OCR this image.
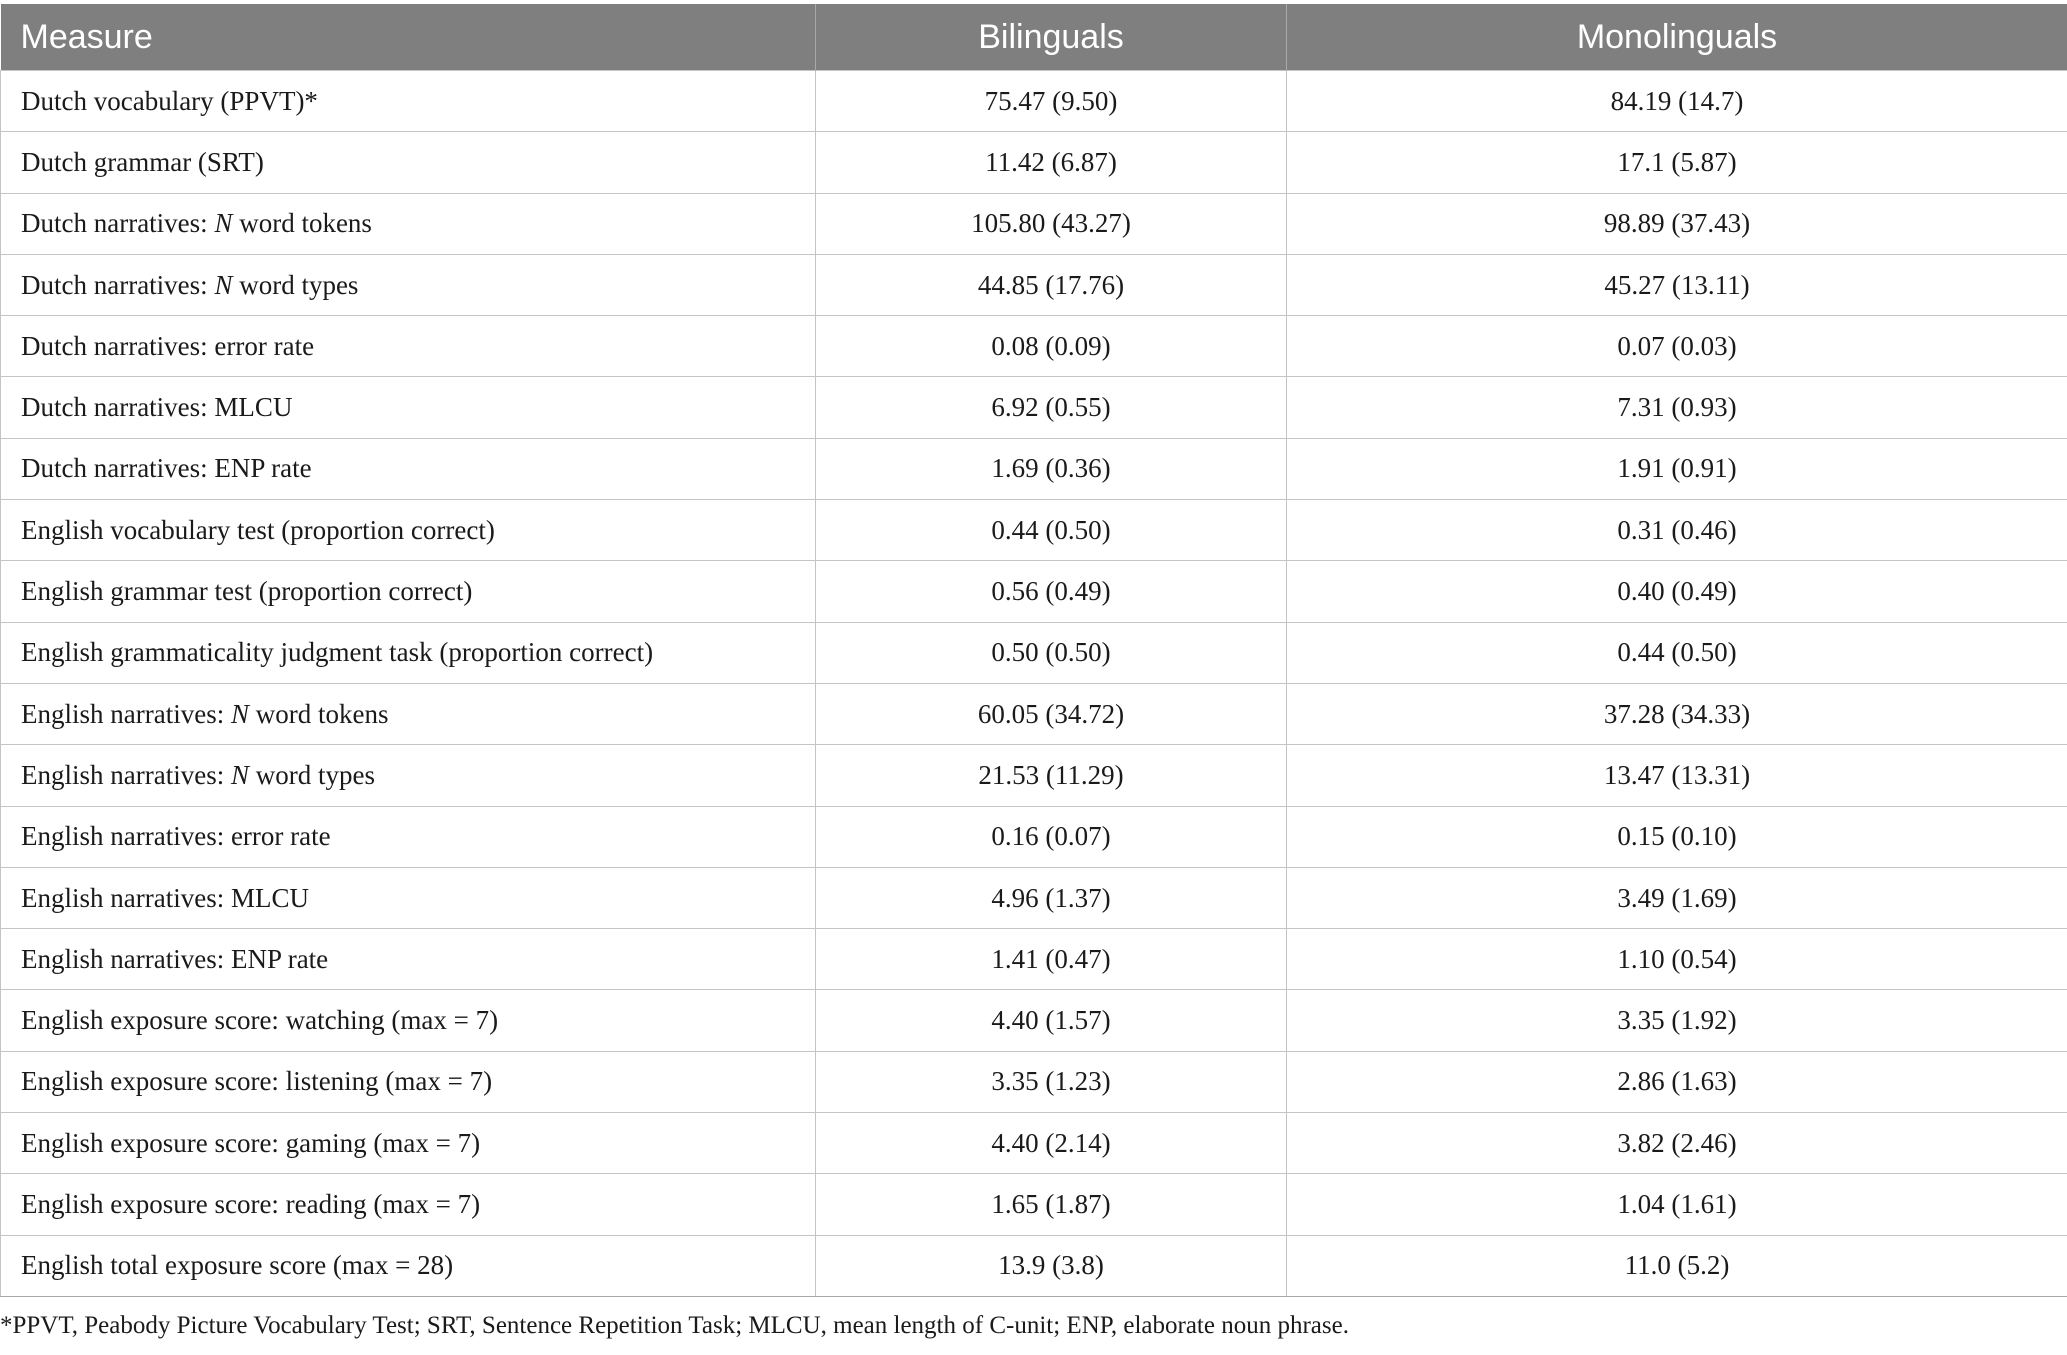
Measure	Bilinguals	Monolinguals
Dutch vocabulary (PPVT)*	75.47 (9.50)	84.19 (14.7)
Dutch grammar (SRT)	11.42 (6.87)	17.1 (5.87)
Dutch narratives: N word tokens	105.80 (43.27)	98.89 (37.43)
Dutch narratives: N word types	44.85 (17.76)	45.27 (13.11)
Dutch narratives: error rate	0.08 (0.09)	0.07 (0.03)
Dutch narratives: MLCU	6.92 (0.55)	7.31 (0.93)
Dutch narratives: ENP rate	1.69 (0.36)	1.91 (0.91)
English vocabulary test (proportion correct)	0.44 (0.50)	0.31 (0.46)
English grammar test (proportion correct)	0.56 (0.49)	0.40 (0.49)
English grammaticality judgment task (proportion correct)	0.50 (0.50)	0.44 (0.50)
English narratives: N word tokens	60.05 (34.72)	37.28 (34.33)
English narratives: N word types	21.53 (11.29)	13.47 (13.31)
English narratives: error rate	0.16 (0.07)	0.15 (0.10)
English narratives: MLCU	4.96 (1.37)	3.49 (1.69)
English narratives: ENP rate	1.41 (0.47)	1.10 (0.54)
English exposure score: watching (max = 7)	4.40 (1.57)	3.35 (1.92)
English exposure score: listening (max = 7)	3.35 (1.23)	2.86 (1.63)
English exposure score: gaming (max = 7)	4.40 (2.14)	3.82 (2.46)
English exposure score: reading (max = 7)	1.65 (1.87)	1.04 (1.61)
English total exposure score (max = 28)	13.9 (3.8)	11.0 (5.2)
*PPVT, Peabody Picture Vocabulary Test; SRT, Sentence Repetition Task; MLCU, mean length of C-unit; ENP, elaborate noun phrase.
